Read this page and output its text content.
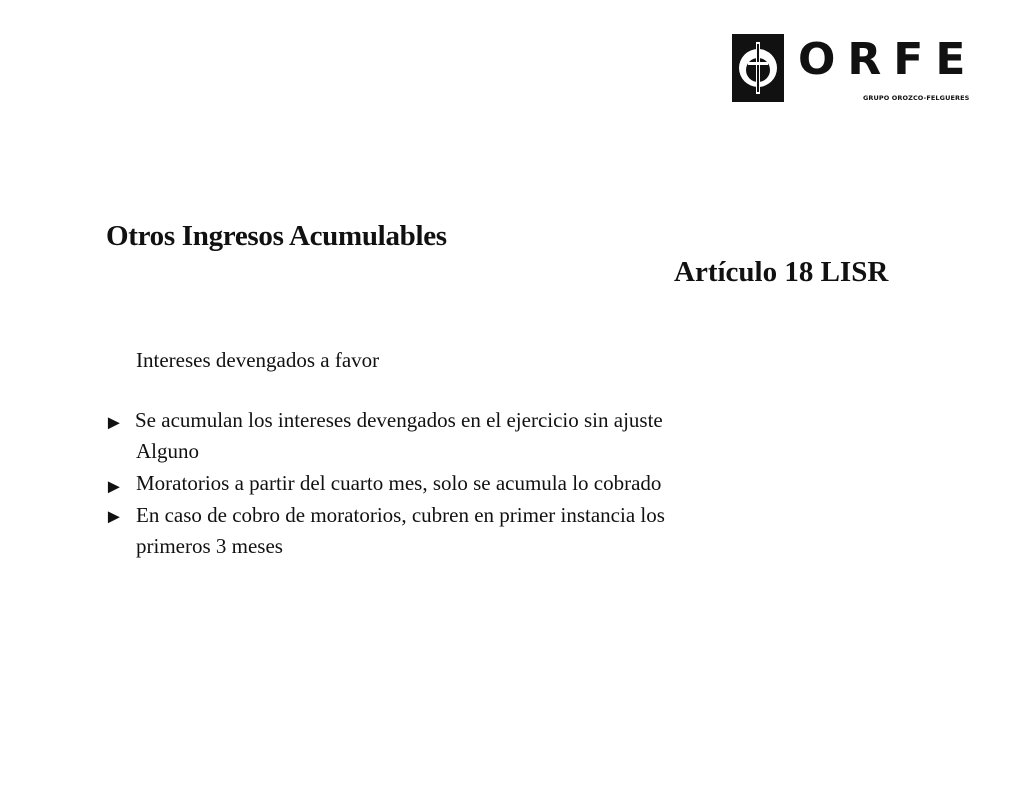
ORFE
GRUPO OROZCO-FELGUERES
Otros Ingresos Acumulables
Artículo 18 LISR
Intereses devengados a favor
►
►
►
Se acumulan los intereses devengados en el ejercicio sin ajuste
Alguno
Moratorios a partir del cuarto mes, solo se acumula lo cobrado
En caso de cobro de moratorios, cubren en primer instancia los
primeros 3 meses
